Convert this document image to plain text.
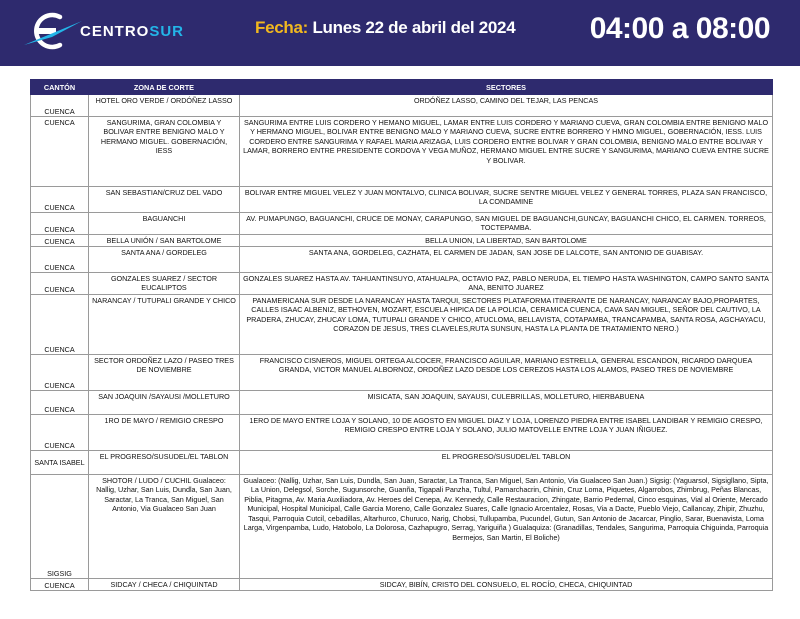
CENTROSUR	Fecha: Lunes 22 de abril del 2024 04:00 a 08:00
CANTÓN	ZONA DE CORTE	SECTORES
CUENCA	HOTEL ORO VERDE / ORDÓÑEZ LASSO	ORDÓÑEZ LASSO, CAMINO DEL TEJAR, LAS PENCAS
CUENCA	SANGURIMA, GRAN COLOMBIA Y BOLIVAR ENTRE BENIGNO MALO Y HERMANO MIGUEL. GOBERNACIÓN, IESS	SANGURIMA ENTRE LUIS CORDERO Y HEMANO MIGUEL, LAMAR ENTRE LUIS CORDERO Y MARIANO CUEVA, GRAN COLOMBIA ENTRE BENIGNO MALO Y HERMANO MIGUEL, BOLIVAR ENTRE BENIGNO MALO Y MARIANO CUEVA, SUCRE ENTRE BORRERO Y HMNO MIGUEL, GOBERNACIÓN, IESS. LUIS CORDERO ENTRE SANGURIMA Y RAFAEL MARIA ARIZAGA, LUIS CORDERO ENTRE BOLIVAR Y GRAN COLOMBIA, BENIGNO MALO ENTRE BOLIVAR Y LAMAR, BORRERO ENTRE PRESIDENTE CORDOVA Y VEGA MUÑOZ, HERMANO MIGUEL ENTRE SUCRE Y SANGURIMA, MARIANO CUEVA ENTRE SUCRE Y BOLIVAR.
CUENCA	SAN SEBASTIAN/CRUZ DEL VADO	BOLIVAR ENTRE MIGUEL VELEZ Y JUAN MONTALVO, CLINICA BOLIVAR, SUCRE SENTRE MIGUEL VELEZ Y GENERAL TORRES, PLAZA SAN FRANCISCO, LA CONDAMINE
CUENCA	BAGUANCHI	AV. PUMAPUNGO, BAGUANCHI, CRUCE DE MONAY, CARAPUNGO, SAN MIGUEL DE BAGUANCHI,GUNCAY, BAGUANCHI CHICO, EL CARMEN. TORREOS, TOCTEPAMBA.
CUENCA	BELLA UNIÓN / SAN BARTOLOME	BELLA UNION, LA LIBERTAD, SAN BARTOLOME
CUENCA	SANTA ANA / GORDELEG	SANTA ANA, GORDELEG, CAZHATA, EL CARMEN DE JADAN, SAN JOSE DE LALCOTE, SAN ANTONIO DE GUABISAY.
CUENCA	GONZALES SUAREZ / SECTOR EUCALIPTOS	GONZALES SUAREZ HASTA AV. TAHUANTINSUYO, ATAHUALPA, OCTAVIO PAZ, PABLO NERUDA, EL TIEMPO HASTA WASHINGTON, CAMPO SANTO SANTA ANA, BENITO JUAREZ
CUENCA	NARANCAY / TUTUPALI GRANDE Y CHICO	PANAMERICANA SUR DESDE LA NARANCAY HASTA TARQUI, SECTORES PLATAFORMA ITINERANTE DE NARANCAY, NARANCAY BAJO,PROPARTES, CALLES ISAAC ALBENIZ, BETHOVEN, MOZART, ESCUELA HIPICA DE LA POLICIA, CERAMICA CUENCA, CAVA SAN MIGUEL, SEÑOR DEL CAUTIVO, LA PRADERA, ZHUCAY, ZHUCAY LOMA, TUTUPALI GRANDE Y CHICO, ATUCLOMA, BELLAVISTA, COTAPAMBA, TRANCAPAMBA, SANTA ROSA, AGCHAYACU, CORAZON DE JESUS, TRES CLAVELES,RUTA SUNSUN, HASTA LA PLANTA DE TRATAMIENTO NERO.)
CUENCA	SECTOR ORDOÑEZ LAZO / PASEO TRES DE NOVIEMBRE	FRANCISCO CISNEROS, MIGUEL ORTEGA ALCOCER, FRANCISCO AGUILAR, MARIANO ESTRELLA, GENERAL ESCANDON, RICARDO DARQUEA GRANDA, VICTOR MANUEL ALBORNOZ, ORDOÑEZ LAZO DESDE LOS CEREZOS HASTA LOS ALAMOS, PASEO TRES DE NOVIEMBRE
CUENCA	SAN JOAQUIN /SAYAUSI /MOLLETURO	MISICATA, SAN JOAQUIN, SAYAUSI, CULEBRILLAS, MOLLETURO, HIERBABUENA
CUENCA	1RO DE MAYO / REMIGIO CRESPO	1ERO DE MAYO ENTRE LOJA Y SOLANO, 10 DE AGOSTO EN MIGUEL DIAZ Y LOJA, LORENZO PIEDRA ENTRE ISABEL LANDIBAR Y REMIGIO CRESPO, REMIGIO CRESPO ENTRE LOJA Y SOLANO, JULIO MATOVELLE ENTRE LOJA Y JUAN IÑIGUEZ.
SANTA ISABEL	EL PROGRESO/SUSUDEL/EL TABLON	EL PROGRESO/SUSUDEL/EL TABLON
SIGSIG	SHOTOR / LUDO / CUCHIL Gualaceo: Nallig, Uzhar, San Luis, Dundla, San Juan, Saractar, La Tranca, San Miguel, San Antonio, Via Gualaceo San Juan	Gualaceo: (Nallig, Uzhar, San Luis, Dundla, San Juan, Saractar, La Tranca, San Miguel, San Antonio, Via Gualaceo San Juan.) Sigsig: (Yaguarsol, Sigsigllano, Sipta, La Union, Delegsol, Sorche, Sugunsorche, Guanña, Tigapali Panzha, Tultul, Pamarchacrin, Chinin, Cruz Loma, Piquetes, Algarrobos, Zhimbrug, Peñas Blancas, Piblia, Pitagma, Av. Maria Auxiliadora, Av. Heroes del Cenepa, Av. Kennedy, Calle Restauracion, Zhingate, Barrio Pedernal, Cinco esquinas, Vial al Oriente, Mercado Municipal, Hospital Municipal, Calle Garcia Moreno, Calle Gonzalez Suares, Calle Ignacio Arcentalez, Rosas, Via a Dacte, Pueblo Viejo, Callancay, Zhipir, Zhuzhu, Tasqui, Parroquia Cutcil, cebadillas, Altarhurco, Churuco, Narig, Chobsi, Tullupamba, Pucundel, Gutun, San Antonio de Jacarcar, Pinglio, Sarar, Buenavista, Loma Larga, Virgenpamba, Ludo, Hatobolo, La Dolorosa, Cazhapugro, Serrag, Yariguiña ) Gualaquiza: (Granadillas, Tendales, Sangurima, Parroquia Chiguinda, Parroquia Bermejos, San Martin, El Boliche)
CUENCA	SIDCAY / CHECA / CHIQUINTAD	SIDCAY, BIBÍN, CRISTO DEL CONSUELO, EL ROCÍO, CHECA, CHIQUINTAD
